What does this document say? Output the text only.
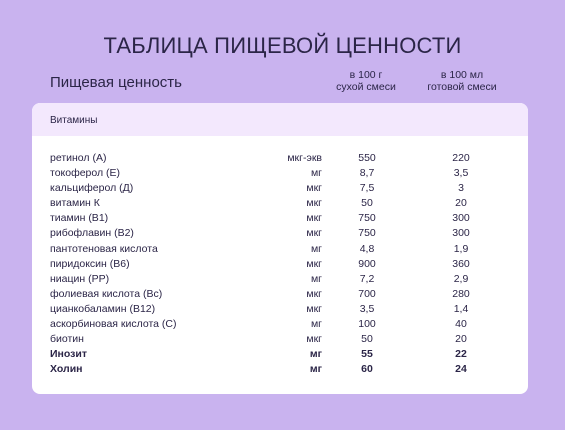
ТАБЛИЦА ПИЩЕВОЙ ЦЕННОСТИ
Пищевая ценность	в 100 г
сухой смеси
в 100 мл
готовой смеси
Витамины
ретинол (А)	мкг-экв	550	220
токоферол (Е)	мг	8,7	3,5
кальциферол (Д)	мкг	7,5	3
витамин К	мкг	50	20
тиамин (В1)	мкг	750	300
рибофлавин (В2)	мкг	750	300
пантотеновая кислота	мг	4,8	1,9
пиридоксин (В6)	мкг	900	360
ниацин (РР)	мг	7,2	2,9
фолиевая кислота (Вс)	мкг	700	280
цианкобаламин (В12)	мкг	3,5	1,4
аскорбиновая кислота (С)	мг	100	40
биотин	мкг	50	20
Инозит	мг	55	22
Холин	мг	60	24
